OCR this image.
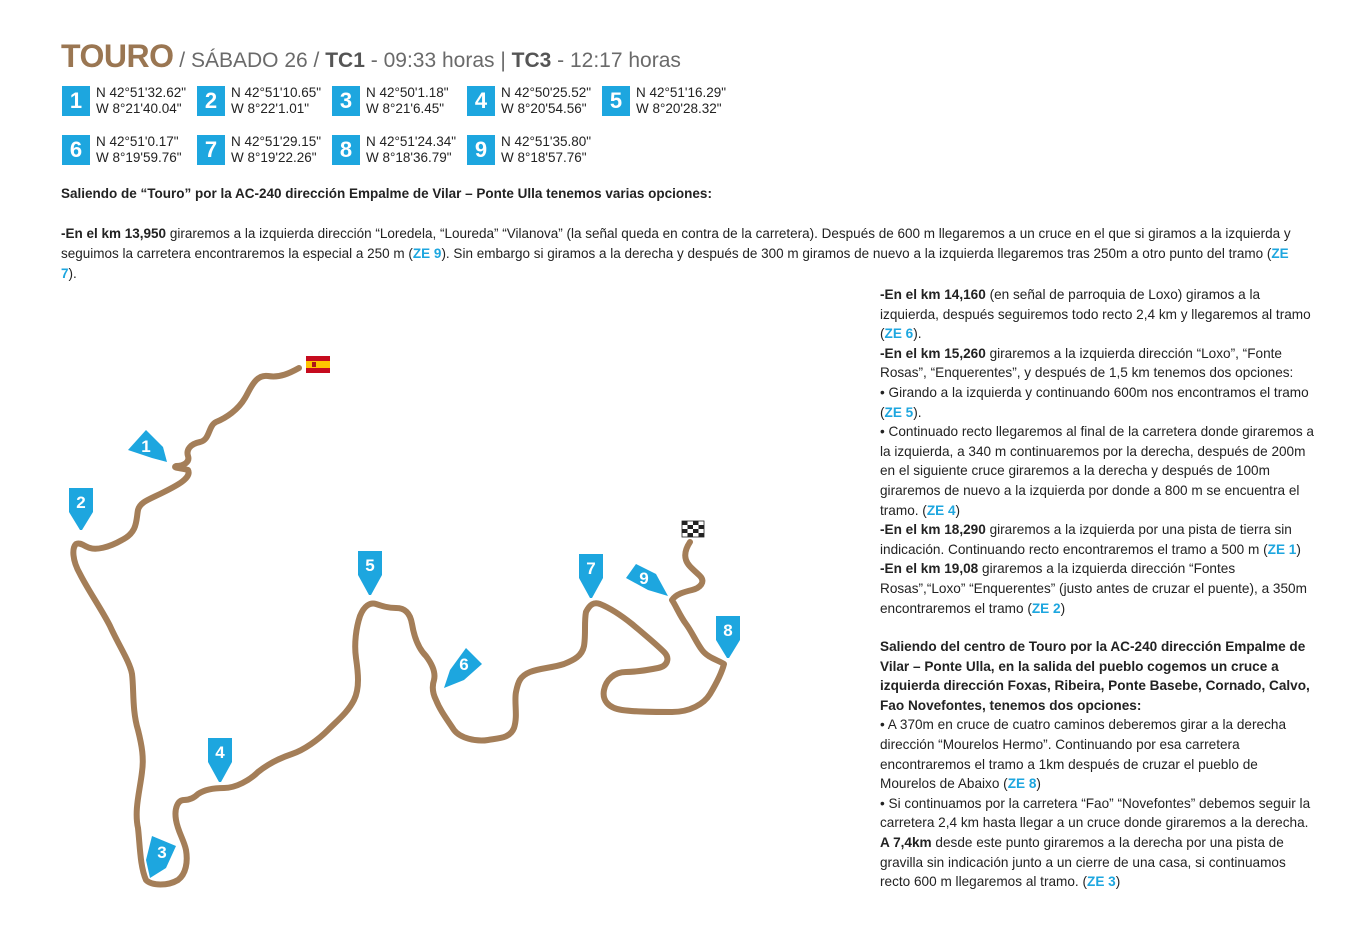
TOURO / SÁBADO 26 / TC1 - 09:33 horas | TC3 - 12:17 horas
1	N 42°51'32.62"
W 8°21'40.04"	2	N 42°51'10.65"
W 8°22'1.01"	3	N 42°50'1.18"
W 8°21'6.45"	4	N 42°50'25.52"
W 8°20'54.56"	5	N 42°51'16.29"
W 8°20'28.32"
6	N 42°51'0.17"
W 8°19'59.76"	7	N 42°51'29.15"
W 8°19'22.26"	8	N 42°51'24.34"
W 8°18'36.79"	9	N 42°51'35.80"
W 8°18'57.76"
Saliendo de “Touro” por la AC-240 dirección Empalme de Vilar – Ponte Ulla tenemos varias opciones:
-En el km 13,950 giraremos a la izquierda dirección “Loredela, “Loureda” “Vilanova” (la señal queda en contra de la carretera). Después de 600 m llegaremos a un cruce en el que si giramos a la izquierda y seguimos la carretera encontraremos la especial a 250 m (ZE 9). Sin embargo si giramos a la derecha y después de 300 m giramos de nuevo a la izquierda llegaremos tras 250m a otro punto del tramo (ZE 7).

-En el km 14,160 (en señal de parroquia de Loxo) giramos a la izquierda, después seguiremos todo recto 2,4 km y llegaremos al tramo (ZE 6).

-En el km 15,260 giraremos a la izquierda dirección “Loxo”, “Fonte Rosas”, “Enquerentes”, y después de 1,5 km tenemos dos opciones:

• Girando a la izquierda y continuando 600m nos encontramos el tramo (ZE 5).

• Continuado recto llegaremos al final de la carretera donde giraremos a la izquierda, a 340 m continuaremos por la derecha, después de 200m en el siguiente cruce giraremos a la derecha y después de 100m giraremos de nuevo a la izquierda por donde a 800 m se encuentra el tramo. (ZE 4)

-En el km 18,290 giraremos a la izquierda por una pista de tierra sin indicación. Continuando recto encontraremos el tramo a 500 m (ZE 1)

-En el km 19,08 giraremos a la izquierda dirección “Fontes Rosas”,“Loxo” “Enquerentes” (justo antes de cruzar el puente), a 350m encontraremos el tramo (ZE 2)

Saliendo del centro de Touro por la AC-240 dirección Empalme de Vilar – Ponte Ulla, en la salida del pueblo cogemos un cruce a izquierda dirección Foxas, Ribeira, Ponte Basebe, Cornado, Calvo, Fao Novefontes, tenemos dos opciones:

• A 370m en cruce de cuatro caminos deberemos girar a la derecha dirección “Mourelos Hermo”. Continuando por esa carretera encontraremos el tramo a 1km después de cruzar el pueblo de Mourelos de Abaixo (ZE 8)

• Si continuamos por la carretera “Fao” “Novefontes” debemos seguir la carretera 2,4 km hasta llegar a un cruce donde giraremos a la derecha. A 7,4km desde este punto giraremos a la derecha por una pista de gravilla sin indicación junto a un cierre de una casa, si continuamos recto 600 m llegaremos al tramo. (ZE 3)

1
2
3
4
5
6
7
8
9
